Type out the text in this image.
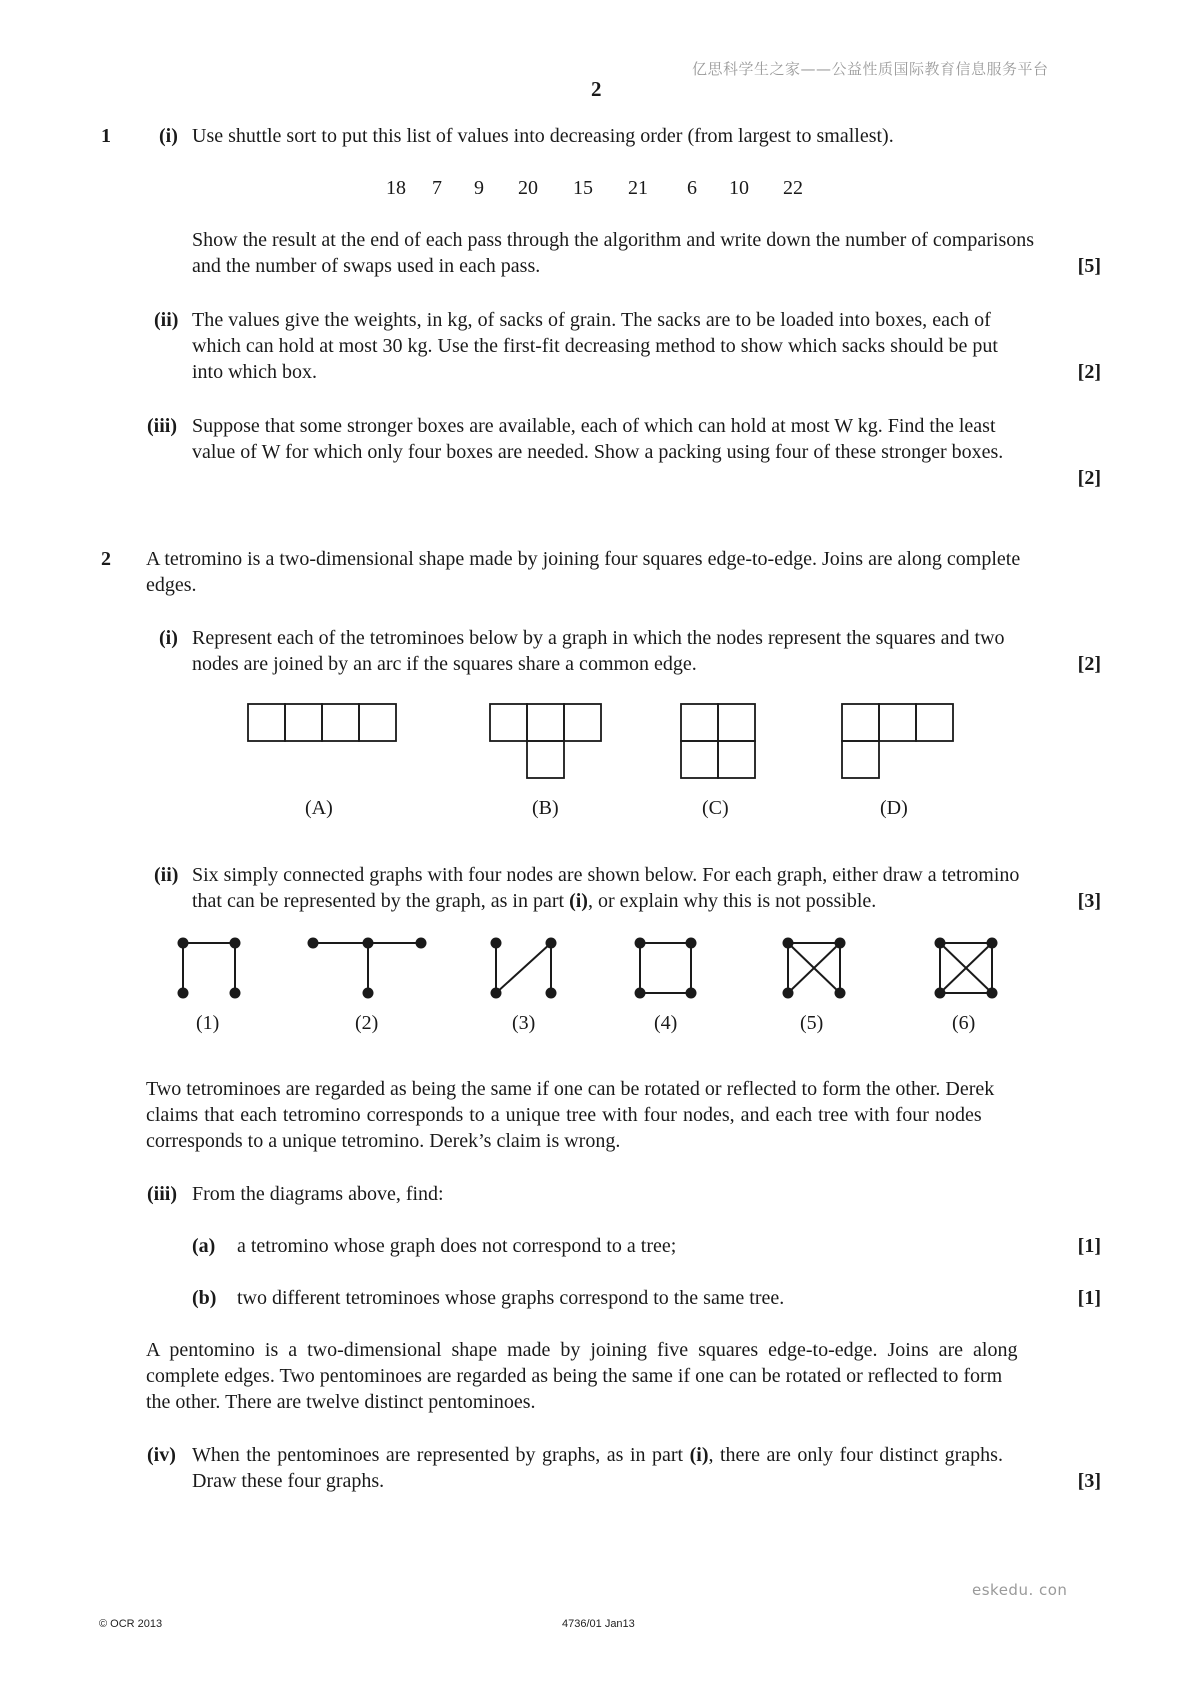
亿思科学生之家——公益性质国际教育信息服务平台
2
1 (i) Use shuttle sort to put this list of values into decreasing order (from largest to smallest).
18	7 9 20 15 21 6 10 22
Show the result at the end of each pass through the algorithm and write down the number of comparisons
and the number of swaps used in each pass.	[5]
(ii) The values give the weights, in kg, of sacks of grain. The sacks are to be loaded into boxes, each of
which can hold at most 30 kg. Use the first-fit decreasing method to show which sacks should be put
into which box.	[2]
(iii) Suppose that some stronger boxes are available, each of which can hold at most W kg. Find the least
value of W for which only four boxes are needed. Show a packing using four of these stronger boxes.
[2]
2 A tetromino is a two-dimensional shape made by joining four squares edge-to-edge. Joins are along complete
edges.
(i) Represent each of the tetrominoes below by a graph in which the nodes represent the squares and two
nodes are joined by an arc if the squares share a common edge.	[2]
(A)	(B)	(C)	(D)
(ii) Six simply connected graphs with four nodes are shown below. For each graph, either draw a tetromino
that can be represented by the graph, as in part (i), or explain why this is not possible.	[3]
(1)	(2)	(3)	(4)	(5)	(6)
Two tetrominoes are regarded as being the same if one can be rotated or reflected to form the other. Derek
claims that each tetromino corresponds to a unique tree with four nodes, and each tree with four nodes
corresponds to a unique tetromino. Derek’s claim is wrong.
(iii) From the diagrams above, find:
(a) a tetromino whose graph does not correspond to a tree;	[1]
(b) two different tetrominoes whose graphs correspond to the same tree.	[1]
A pentomino is a two-dimensional shape made by joining five squares edge-to-edge. Joins are along
complete edges. Two pentominoes are regarded as being the same if one can be rotated or reflected to form
the other. There are twelve distinct pentominoes.
(iv) When the pentominoes are represented by graphs, as in part (i), there are only four distinct graphs.
Draw these four graphs.	[3]
eskedu. con
© OCR 2013	4736/01 Jan13
